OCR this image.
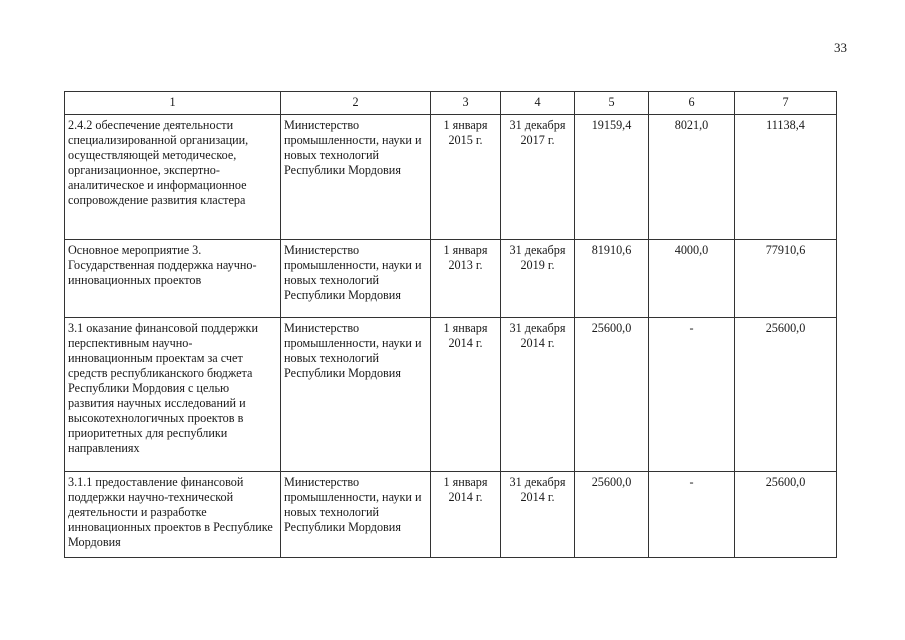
33
1	2	3	4	5	6	7
2.4.2 обеспечение деятельности специализированной организации, осуществляющей методическое, организационное, экспертно-аналитическое и информационное сопровождение развития кластера	Министерство промышленности, науки и новых технологий Республики Мордовия	1 января 2015 г.	31 декабря 2017 г.	19159,4	8021,0	11138,4
Основное мероприятие 3. Государственная поддержка научно-инновационных проектов	Министерство промышленности, науки и новых технологий Республики Мордовия	1 января 2013 г.	31 декабря 2019 г.	81910,6	4000,0	77910,6
3.1 оказание финансовой поддержки перспективным научно-инновационным проектам за счет средств республиканского бюджета Республики Мордовия с целью развития научных исследований и высокотехнологичных проектов в приоритетных для республики направлениях	Министерство промышленности, науки и новых технологий Республики Мордовия	1 января 2014 г.	31 декабря 2014 г.	25600,0	-	25600,0
3.1.1 предоставление финансовой поддержки научно-технической деятельности и разработке инновационных проектов в Республике Мордовия	Министерство промышленности, науки и новых технологий Республики Мордовия	1 января 2014 г.	31 декабря 2014 г.	25600,0	-	25600,0
